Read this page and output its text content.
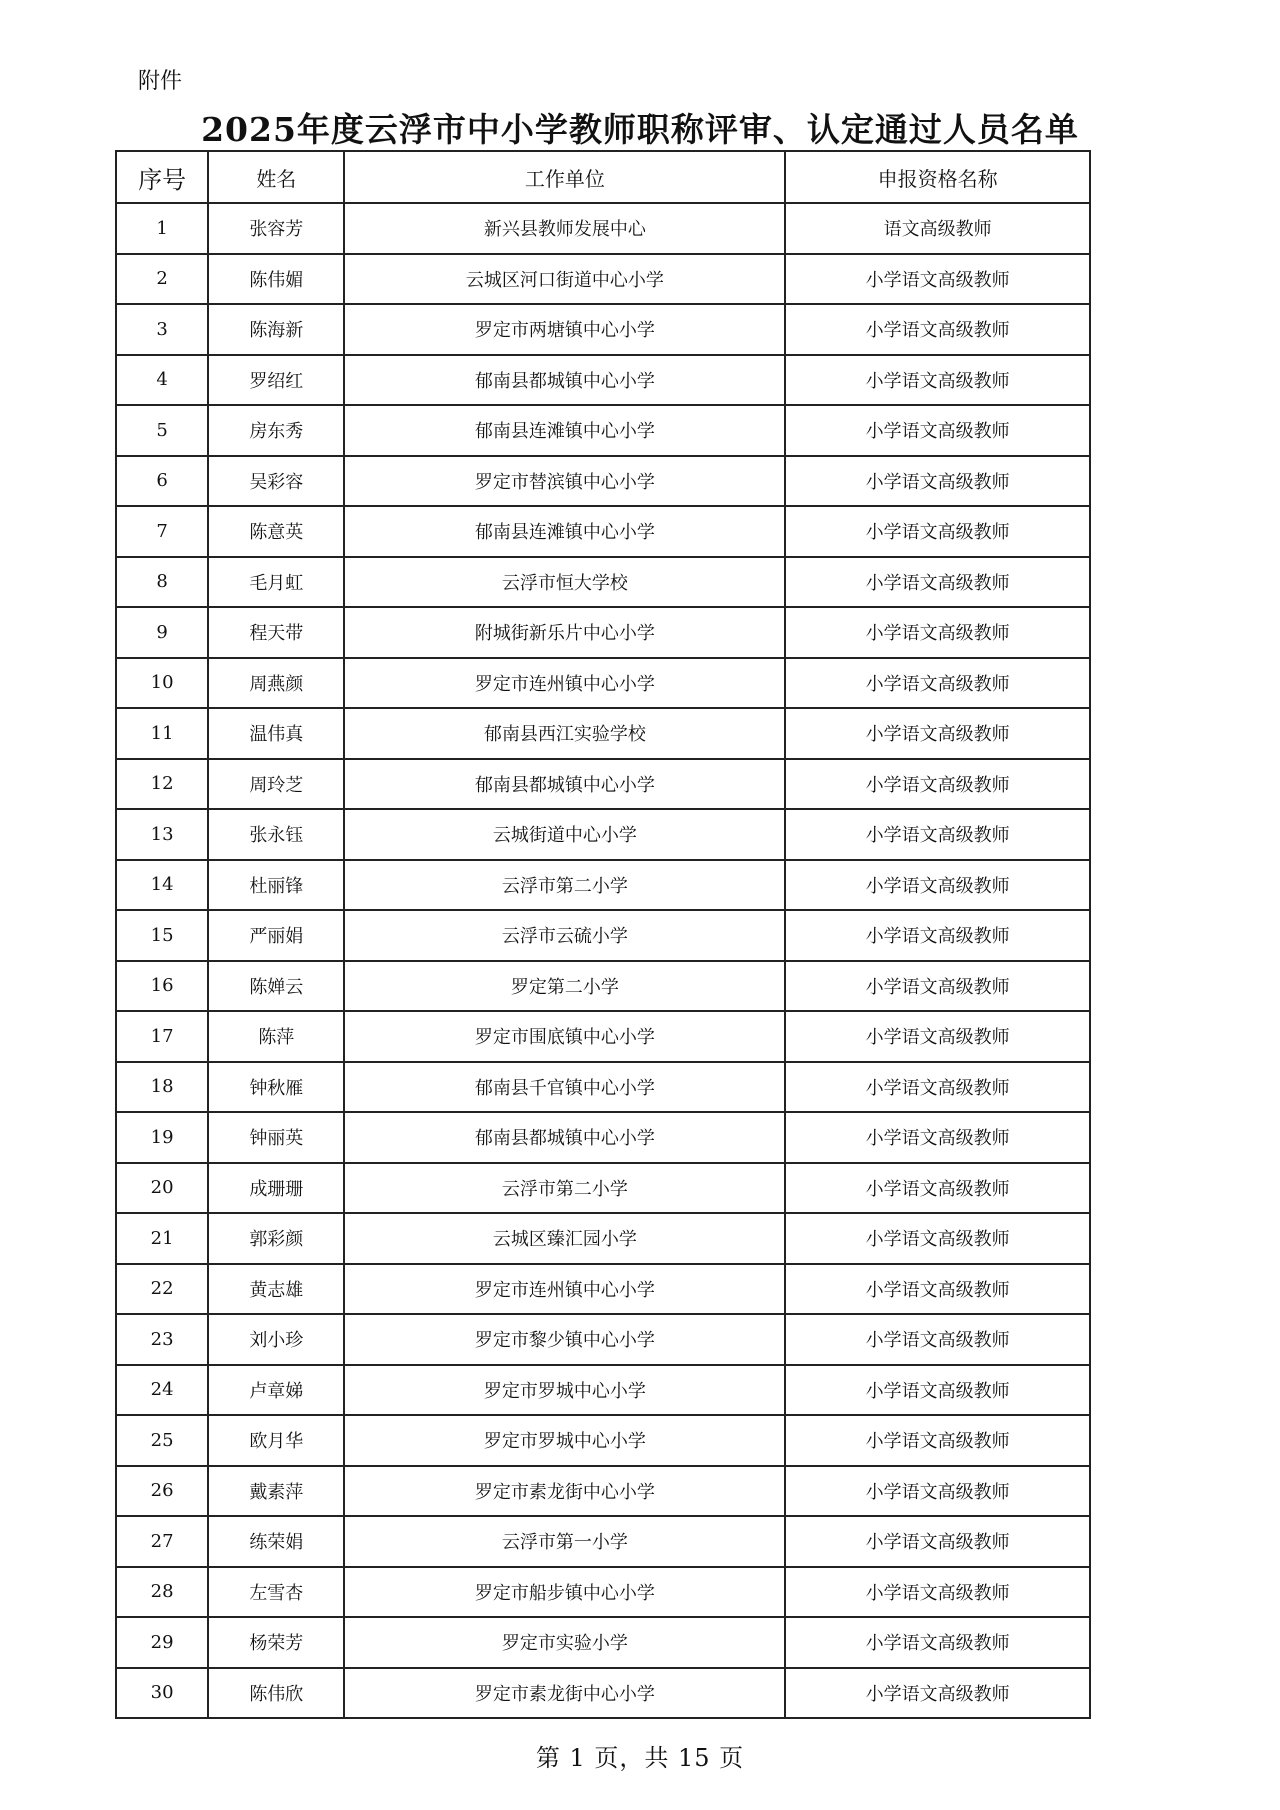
附件
2025年度云浮市中小学教师职称评审、认定通过人员名单
序号	姓名	工作单位	申报资格名称
1	张容芳	新兴县教师发展中心	语文高级教师
2	陈伟媚	云城区河口街道中心小学	小学语文高级教师
3	陈海新	罗定市两塘镇中心小学	小学语文高级教师
4	罗绍红	郁南县都城镇中心小学	小学语文高级教师
5	房东秀	郁南县连滩镇中心小学	小学语文高级教师
6	吴彩容	罗定市替滨镇中心小学	小学语文高级教师
7	陈意英	郁南县连滩镇中心小学	小学语文高级教师
8	毛月虹	云浮市恒大学校	小学语文高级教师
9	程天带	附城街新乐片中心小学	小学语文高级教师
10	周燕颜	罗定市连州镇中心小学	小学语文高级教师
11	温伟真	郁南县西江实验学校	小学语文高级教师
12	周玲芝	郁南县都城镇中心小学	小学语文高级教师
13	张永钰	云城街道中心小学	小学语文高级教师
14	杜丽锋	云浮市第二小学	小学语文高级教师
15	严丽娟	云浮市云硫小学	小学语文高级教师
16	陈婵云	罗定第二小学	小学语文高级教师
17	陈萍	罗定市围底镇中心小学	小学语文高级教师
18	钟秋雁	郁南县千官镇中心小学	小学语文高级教师
19	钟丽英	郁南县都城镇中心小学	小学语文高级教师
20	成珊珊	云浮市第二小学	小学语文高级教师
21	郭彩颜	云城区臻汇园小学	小学语文高级教师
22	黄志雄	罗定市连州镇中心小学	小学语文高级教师
23	刘小珍	罗定市黎少镇中心小学	小学语文高级教师
24	卢章娣	罗定市罗城中心小学	小学语文高级教师
25	欧月华	罗定市罗城中心小学	小学语文高级教师
26	戴素萍	罗定市素龙街中心小学	小学语文高级教师
27	练荣娟	云浮市第一小学	小学语文高级教师
28	左雪杏	罗定市船步镇中心小学	小学语文高级教师
29	杨荣芳	罗定市实验小学	小学语文高级教师
30	陈伟欣	罗定市素龙街中心小学	小学语文高级教师
第 1 页，共 15 页
